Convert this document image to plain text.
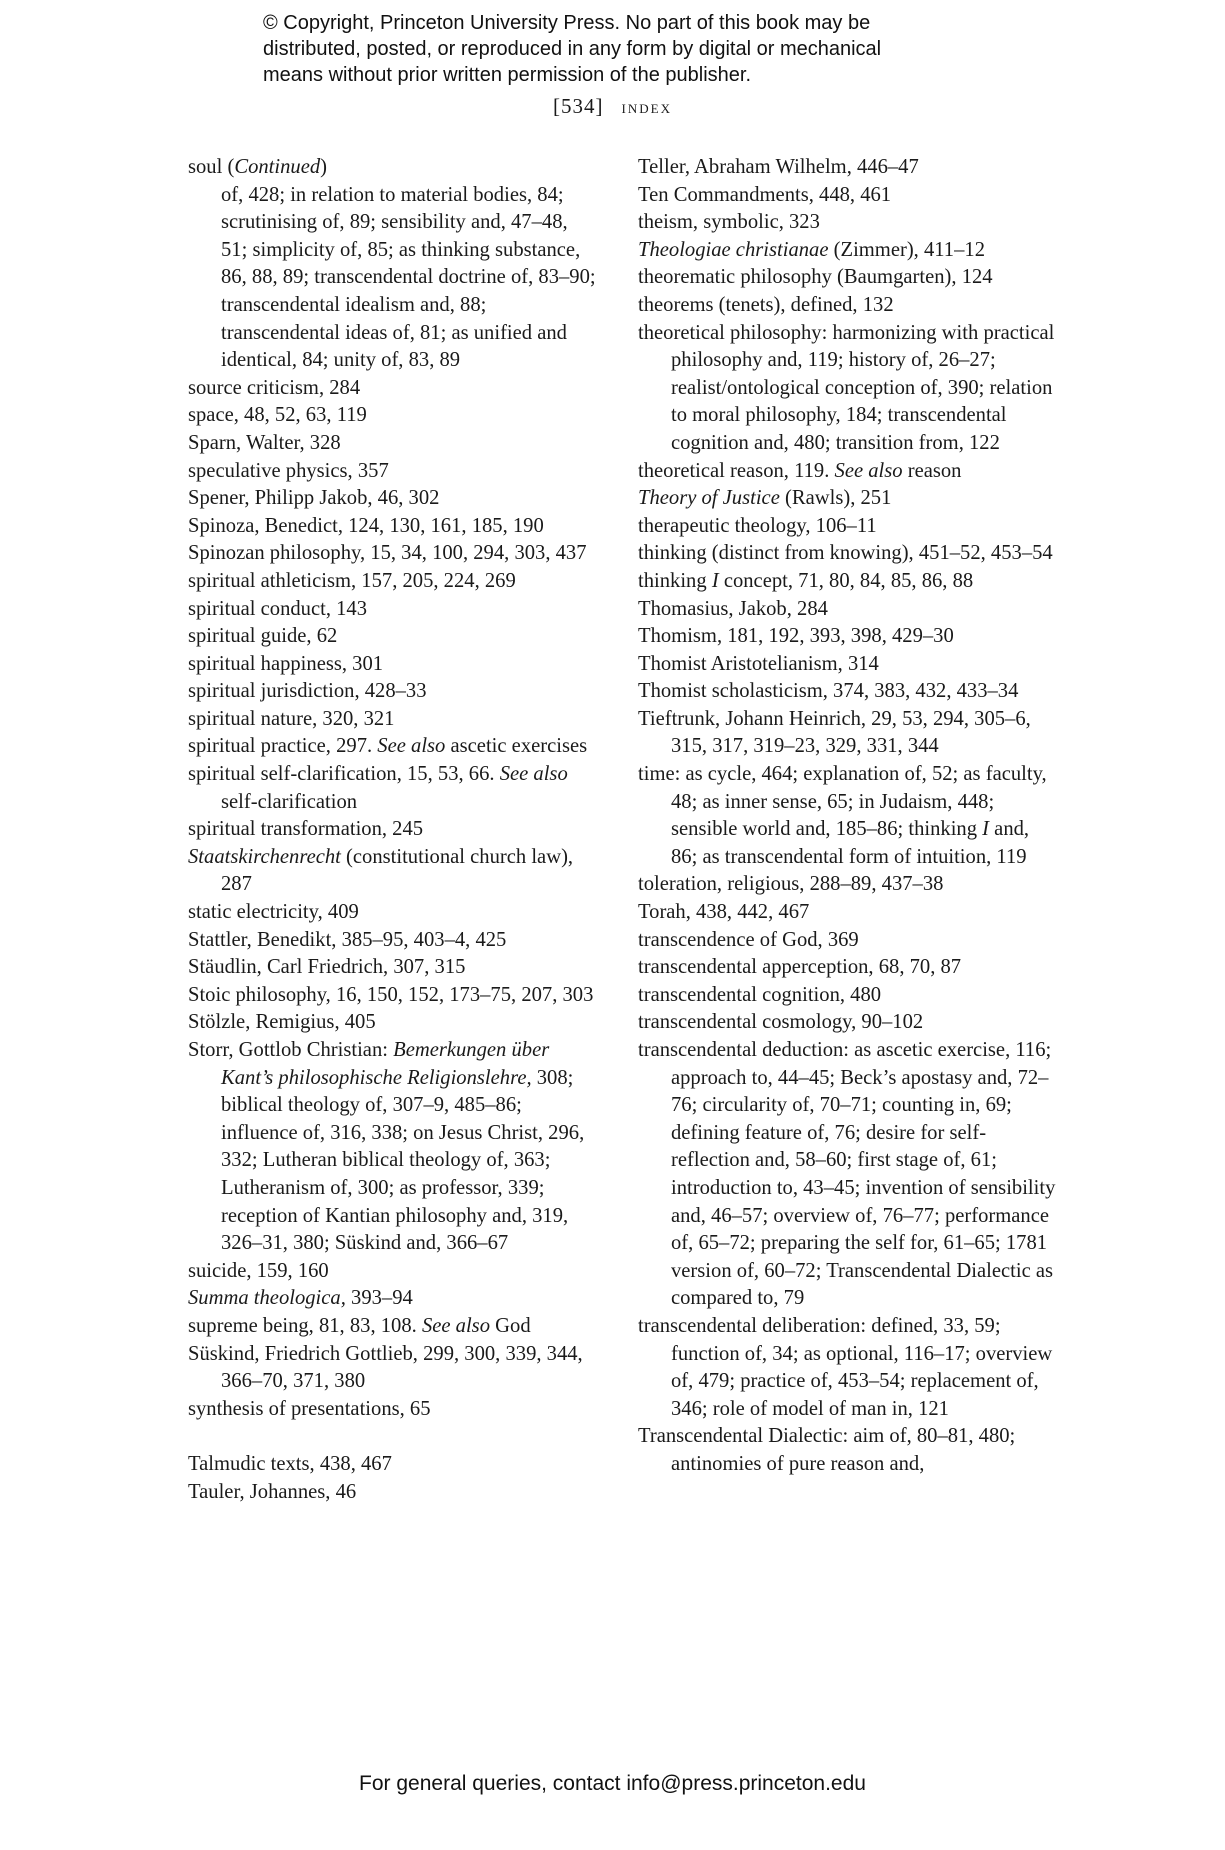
© Copyright, Princeton University Press. No part of this book may be
distributed, posted, or reproduced in any form by digital or mechanical
means without prior written permission of the publisher.
[534] index
soul (Continued)
of, 428; in relation to material bodies, 84; scrutinising of, 89; sensibility and, 47–48, 51; simplicity of, 85; as thinking substance, 86, 88, 89; transcendental doctrine of, 83–90; transcendental idealism and, 88; transcendental ideas of, 81; as unified and identical, 84; unity of, 83, 89
source criticism, 284
space, 48, 52, 63, 119
Sparn, Walter, 328
speculative physics, 357
Spener, Philipp Jakob, 46, 302
Spinoza, Benedict, 124, 130, 161, 185, 190
Spinozan philosophy, 15, 34, 100, 294, 303, 437
spiritual athleticism, 157, 205, 224, 269
spiritual conduct, 143
spiritual guide, 62
spiritual happiness, 301
spiritual jurisdiction, 428–33
spiritual nature, 320, 321
spiritual practice, 297. See also ascetic exercises
spiritual self-clarification, 15, 53, 66. See also self-clarification
spiritual transformation, 245
Staatskirchenrecht (constitutional church law), 287
static electricity, 409
Stattler, Benedikt, 385–95, 403–4, 425
Stäudlin, Carl Friedrich, 307, 315
Stoic philosophy, 16, 150, 152, 173–75, 207, 303
Stölzle, Remigius, 405
Storr, Gottlob Christian: Bemerkungen über Kant’s philosophische Religionslehre, 308; biblical theology of, 307–9, 485–86; influence of, 316, 338; on Jesus Christ, 296, 332; Lutheran biblical theology of, 363; Lutheranism of, 300; as professor, 339; reception of Kantian philosophy and, 319, 326–31, 380; Süskind and, 366–67
suicide, 159, 160
Summa theologica, 393–94
supreme being, 81, 83, 108. See also God
Süskind, Friedrich Gottlieb, 299, 300, 339, 344, 366–70, 371, 380
synthesis of presentations, 65
Talmudic texts, 438, 467
Tauler, Johannes, 46
Teller, Abraham Wilhelm, 446–47
Ten Commandments, 448, 461
theism, symbolic, 323
Theologiae christianae (Zimmer), 411–12
theorematic philosophy (Baumgarten), 124
theorems (tenets), defined, 132
theoretical philosophy: harmonizing with practical philosophy and, 119; history of, 26–27; realist/ontological conception of, 390; relation to moral philosophy, 184; transcendental cognition and, 480; transition from, 122
theoretical reason, 119. See also reason
Theory of Justice (Rawls), 251
therapeutic theology, 106–11
thinking (distinct from knowing), 451–52, 453–54
thinking I concept, 71, 80, 84, 85, 86, 88
Thomasius, Jakob, 284
Thomism, 181, 192, 393, 398, 429–30
Thomist Aristotelianism, 314
Thomist scholasticism, 374, 383, 432, 433–34
Tieftrunk, Johann Heinrich, 29, 53, 294, 305–6, 315, 317, 319–23, 329, 331, 344
time: as cycle, 464; explanation of, 52; as faculty, 48; as inner sense, 65; in Judaism, 448; sensible world and, 185–86; thinking I and, 86; as transcendental form of intuition, 119
toleration, religious, 288–89, 437–38
Torah, 438, 442, 467
transcendence of God, 369
transcendental apperception, 68, 70, 87
transcendental cognition, 480
transcendental cosmology, 90–102
transcendental deduction: as ascetic exercise, 116; approach to, 44–45; Beck’s apostasy and, 72–76; circularity of, 70–71; counting in, 69; defining feature of, 76; desire for self-reflection and, 58–60; first stage of, 61; introduction to, 43–45; invention of sensibility and, 46–57; overview of, 76–77; performance of, 65–72; preparing the self for, 61–65; 1781 version of, 60–72; Transcendental Dialectic as compared to, 79
transcendental deliberation: defined, 33, 59; function of, 34; as optional, 116–17; overview of, 479; practice of, 453–54; replacement of, 346; role of model of man in, 121
Transcendental Dialectic: aim of, 80–81, 480; antinomies of pure reason and,
For general queries, contact info@press.princeton.edu
